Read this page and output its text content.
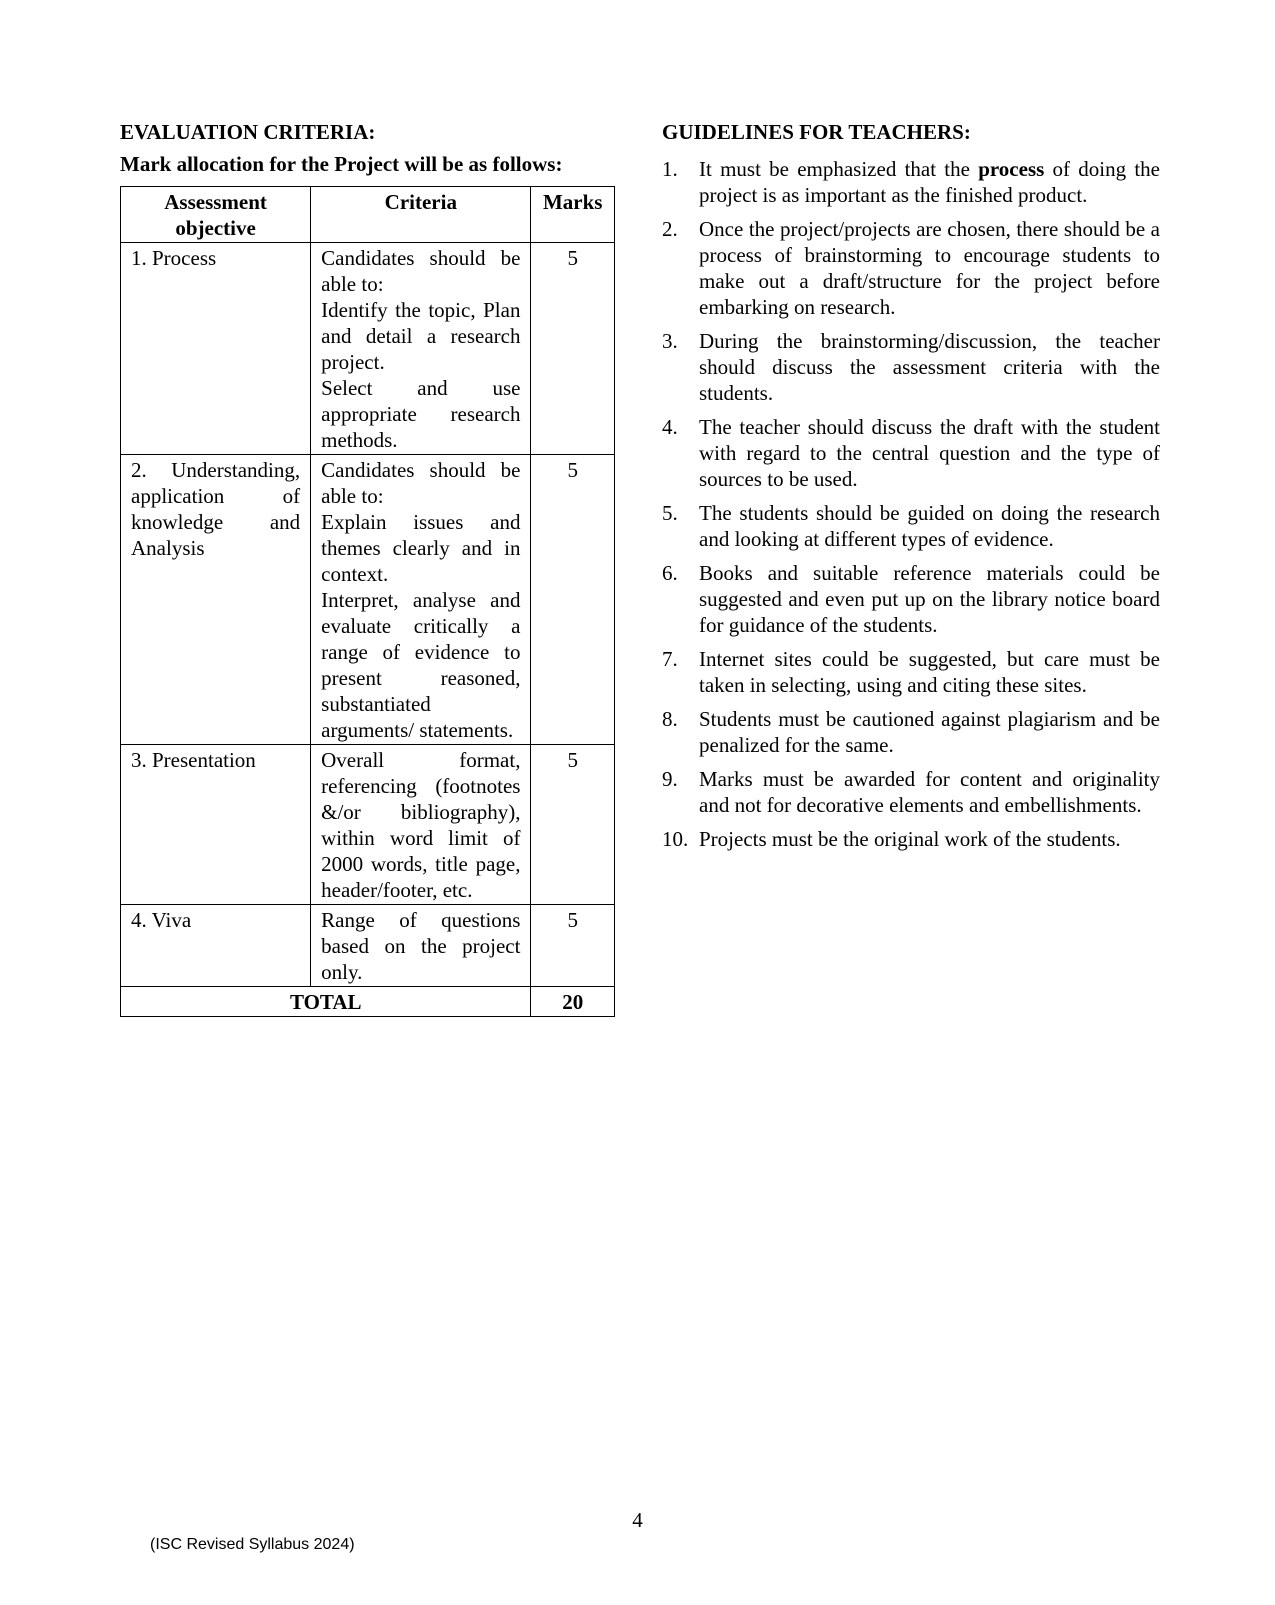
EVALUATION CRITERIA:
Mark allocation for the Project will be as follows:
Assessment objective	Criteria	Marks
1. Process	Candidates should be able to:
Identify the topic, Plan and detail a research project.
Select and use appropriate research methods.	5
2. Understanding, application of knowledge and Analysis	Candidates should be able to:
Explain issues and themes clearly and in context.
Interpret, analyse and evaluate critically a range of evidence to present reasoned, substantiated arguments/ statements.	5
3. Presentation	Overall format, referencing (footnotes &/or bibliography), within word limit of 2000 words, title page, header/footer, etc.	5
4. Viva	Range of questions based on the project only.	5
TOTAL		20
GUIDELINES FOR TEACHERS:
1. It must be emphasized that the process of doing the project is as important as the finished product.
2. Once the project/projects are chosen, there should be a process of brainstorming to encourage students to make out a draft/structure for the project before embarking on research.
3. During the brainstorming/discussion, the teacher should discuss the assessment criteria with the students.
4. The teacher should discuss the draft with the student with regard to the central question and the type of sources to be used.
5. The students should be guided on doing the research and looking at different types of evidence.
6. Books and suitable reference materials could be suggested and even put up on the library notice board for guidance of the students.
7. Internet sites could be suggested, but care must be taken in selecting, using and citing these sites.
8. Students must be cautioned against plagiarism and be penalized for the same.
9. Marks must be awarded for content and originality and not for decorative elements and embellishments.
10. Projects must be the original work of the students.
4
(ISC Revised Syllabus 2024)
